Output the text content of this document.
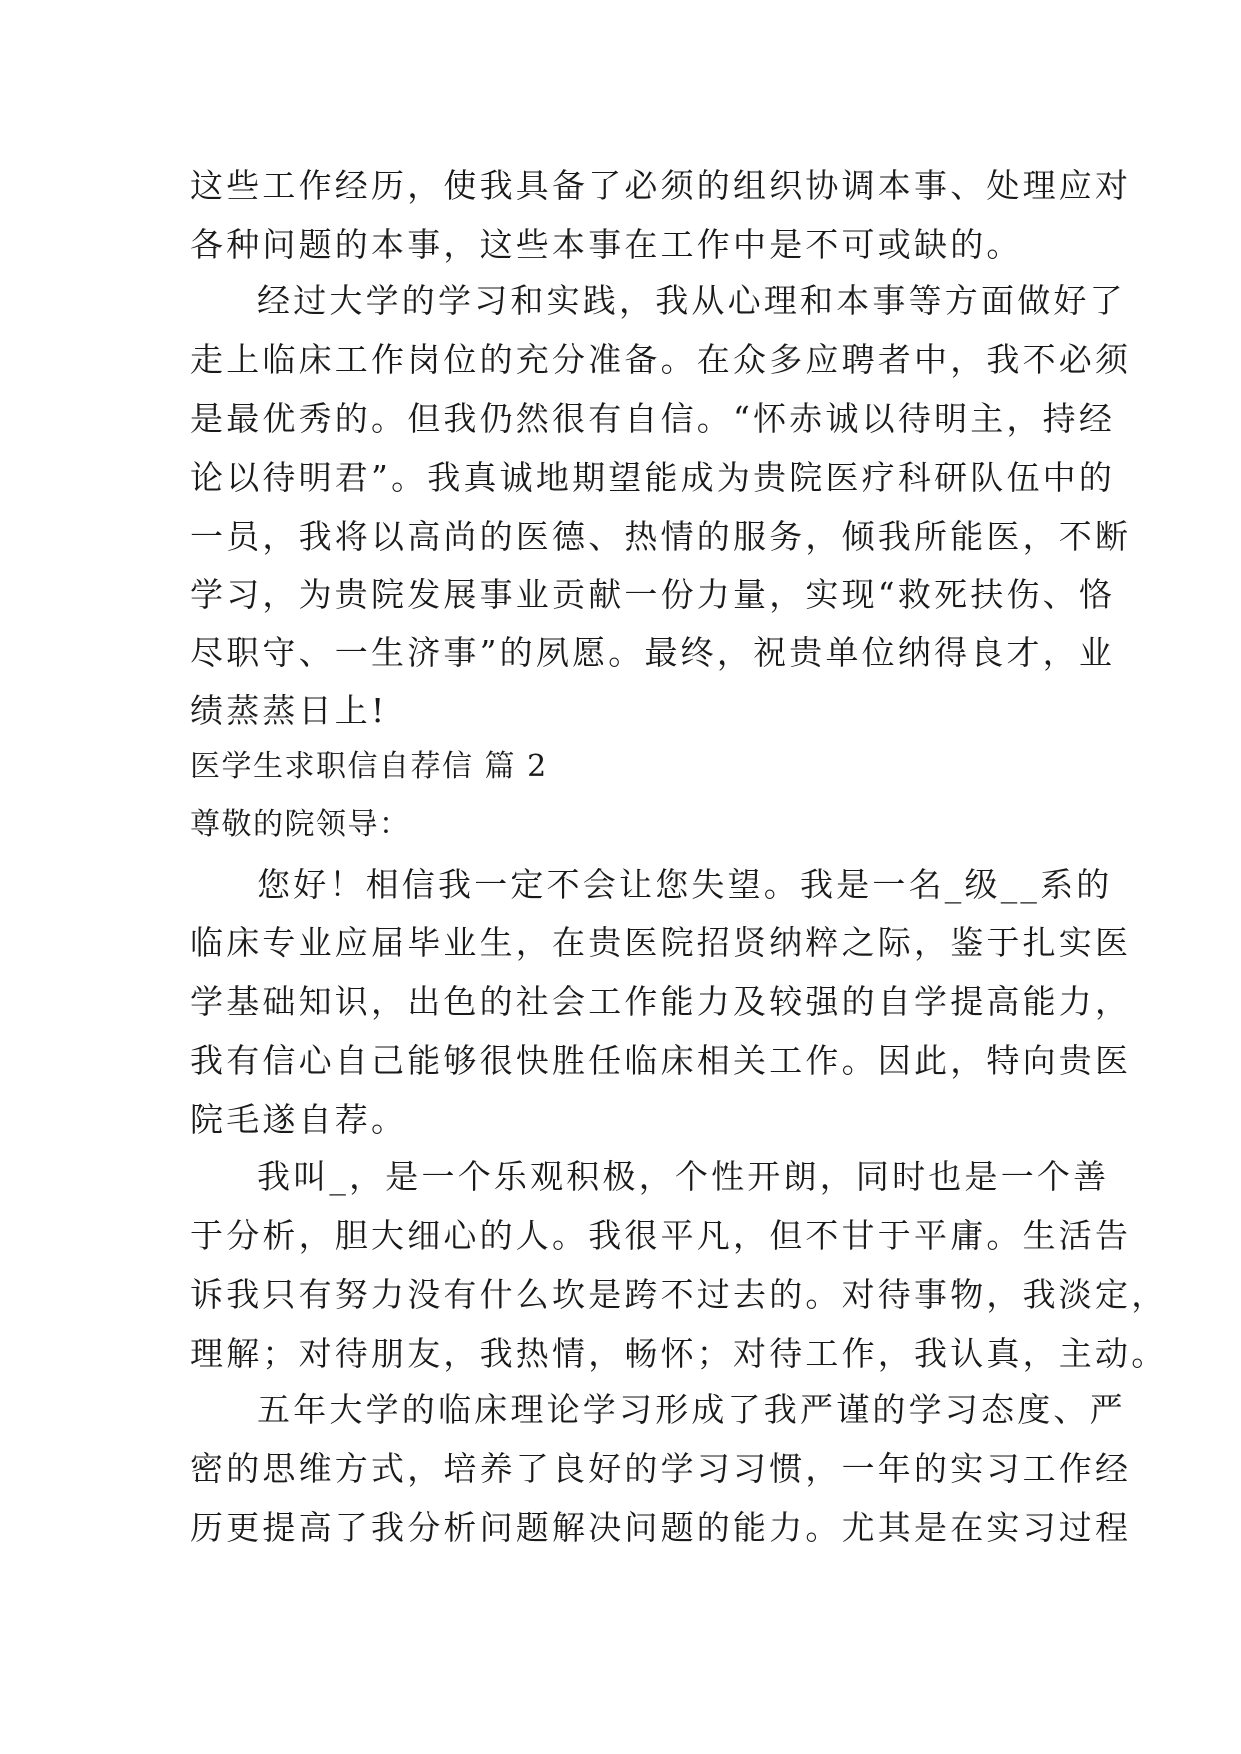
这些工作经历，使我具备了必须的组织协调本事、处理应对
各种问题的本事，这些本事在工作中是不可或缺的。
经过大学的学习和实践，我从心理和本事等方面做好了
走上临床工作岗位的充分准备。在众多应聘者中，我不必须
是最优秀的。但我仍然很有自信。“怀赤诚以待明主，持经
论以待明君”。我真诚地期望能成为贵院医疗科研队伍中的
一员，我将以高尚的医德、热情的服务，倾我所能医，不断
学习，为贵院发展事业贡献一份力量，实现“救死扶伤、恪
尽职守、一生济事”的夙愿。最终，祝贵单位纳得良才，业
绩蒸蒸日上!
医学生求职信自荐信 篇 2
尊敬的院领导：
您好！相信我一定不会让您失望。我是一名_级__系的
临床专业应届毕业生，在贵医院招贤纳粹之际，鉴于扎实医
学基础知识，出色的社会工作能力及较强的自学提高能力，
我有信心自己能够很快胜任临床相关工作。因此，特向贵医
院毛遂自荐。
我叫_，是一个乐观积极，个性开朗，同时也是一个善
于分析，胆大细心的人。我很平凡，但不甘于平庸。生活告
诉我只有努力没有什么坎是跨不过去的。对待事物，我淡定，
理解；对待朋友，我热情，畅怀；对待工作，我认真，主动。
五年大学的临床理论学习形成了我严谨的学习态度、严
密的思维方式，培养了良好的学习习惯，一年的实习工作经
历更提高了我分析问题解决问题的能力。尤其是在实习过程
